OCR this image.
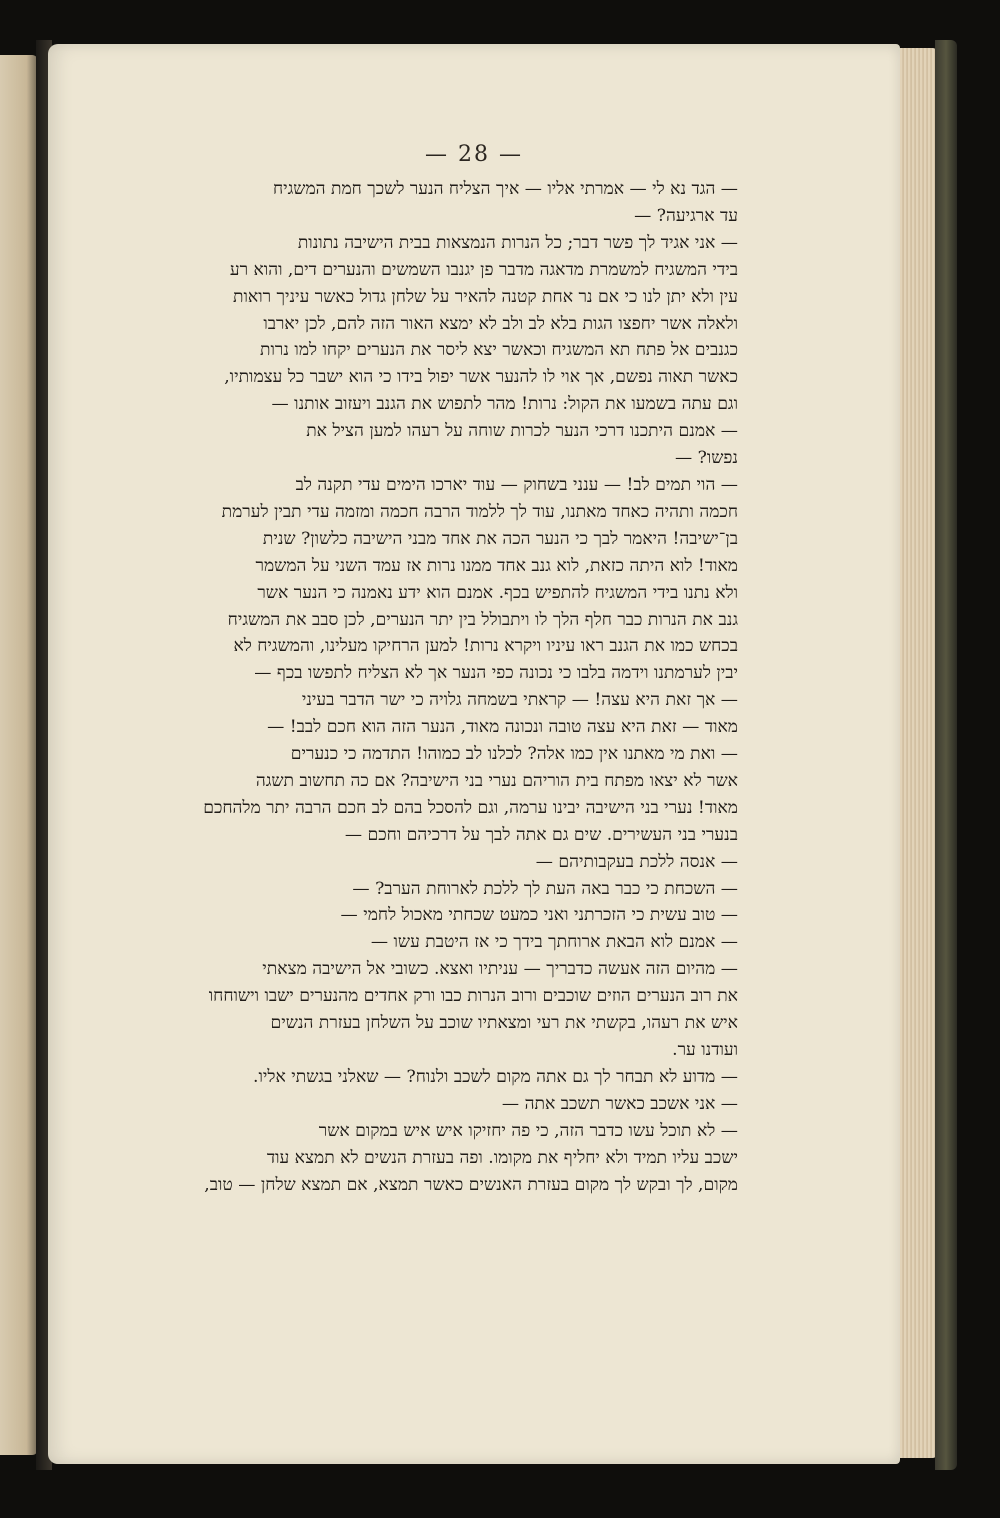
— 28 —
— הגד נא לי — אמרתי אליו — איך הצליח הנער לשכך חמת המשגיח
עד ארגיעה? —
— אני אגיד לך פשר דבר; כל הנרות הנמצאות בבית הישיבה נתונות
בידי המשגיח למשמרת מדאגה מדבר פן יגנבו השמשים והנערים דים, והוא רע
עין ולא יתן לנו כי אם נר אחת קטנה להאיר על שלחן גדול כאשר עיניך רואות
ולאלה אשר יחפצו הגות בלא לב ולב לא ימצא האור הזה להם, לכן יארבו
כגנבים אל פתח תא המשגיח וכאשר יצא ליסר את הנערים יקחו למו נרות
כאשר תאוה נפשם, אך אוי לו להנער אשר יפול בידו כי הוא ישבר כל עצמותיו,
וגם עתה בשמעו את הקול: נרות! מהר לתפוש את הגנב ויעזוב אותנו —
— אמנם היתכנו דרכי הנער לכרות שוחה על רעהו למען הציל את
נפשו? —
— הוי תמים לב! — ענני בשחוק — עוד יארכו הימים עדי תקנה לב
חכמה ותהיה כאחד מאתנו, עוד לך ללמוד הרבה חכמה ומזמה עדי תבין לערמת
בן־ישיבה! היאמר לבך כי הנער הכה את אחד מבני הישיבה כלשון? שנית
מאוד! לוא היתה כזאת, לוא גנב אחד ממנו נרות אז עמד השני על המשמר
ולא נתנו בידי המשגיח להתפיש בכף. אמנם הוא ידע נאמנה כי הנער אשר
גנב את הנרות כבר חלף הלך לו ויתבולל בין יתר הנערים, לכן סבב את המשגיח
בכחש כמו את הגנב ראו עיניו ויקרא נרות! למען הרחיקו מעלינו, והמשגיח לא
יבין לערמתנו וידמה בלבו כי נכונה כפי הנער אך לא הצליח לתפשו בכף —
— אך זאת היא עצה! — קראתי בשמחה גלויה כי ישר הדבר בעיני
מאוד — זאת היא עצה טובה ונכונה מאוד, הנער הזה הוא חכם לבב! —
— ואת מי מאתנו אין כמו אלה? לכלנו לב כמוהו! התדמה כי כנערים
אשר לא יצאו מפתח בית הוריהם נערי בני הישיבה? אם כה תחשוב תשגה
מאוד! נערי בני הישיבה יבינו ערמה, וגם להסכל בהם לב חכם הרבה יתר מלהחכם
בנערי בני העשירים. שים גם אתה לבך על דרכיהם וחכם —
— אנסה ללכת בעקבותיהם —
— השכחת כי כבר באה העת לך ללכת לארוחת הערב? —
— טוב עשית כי הזכרתני ואני כמעט שכחתי מאכול לחמי —
— אמנם לוא הבאת ארוחתך בידך כי אז היטבת עשו —
— מהיום הזה אעשה כדבריך — עניתיו ואצא. כשובי אל הישיבה מצאתי
את רוב הנערים הוזים שוכבים ורוב הנרות כבו ורק אחדים מהנערים ישבו וישוחחו
איש את רעהו, בקשתי את רעי ומצאתיו שוכב על השלחן בעזרת הנשים
ועודנו ער.
— מדוע לא תבחר לך גם אתה מקום לשכב ולנוח? — שאלני בגשתי אליו.
— אני אשכב כאשר תשכב אתה —
— לא תוכל עשו כדבר הזה, כי פה יחזיקו איש איש במקום אשר
ישכב עליו תמיד ולא יחליף את מקומו. ופה בעזרת הנשים לא תמצא עוד
מקום, לך ובקש לך מקום בעזרת האנשים כאשר תמצא, אם תמצא שלחן — טוב,
